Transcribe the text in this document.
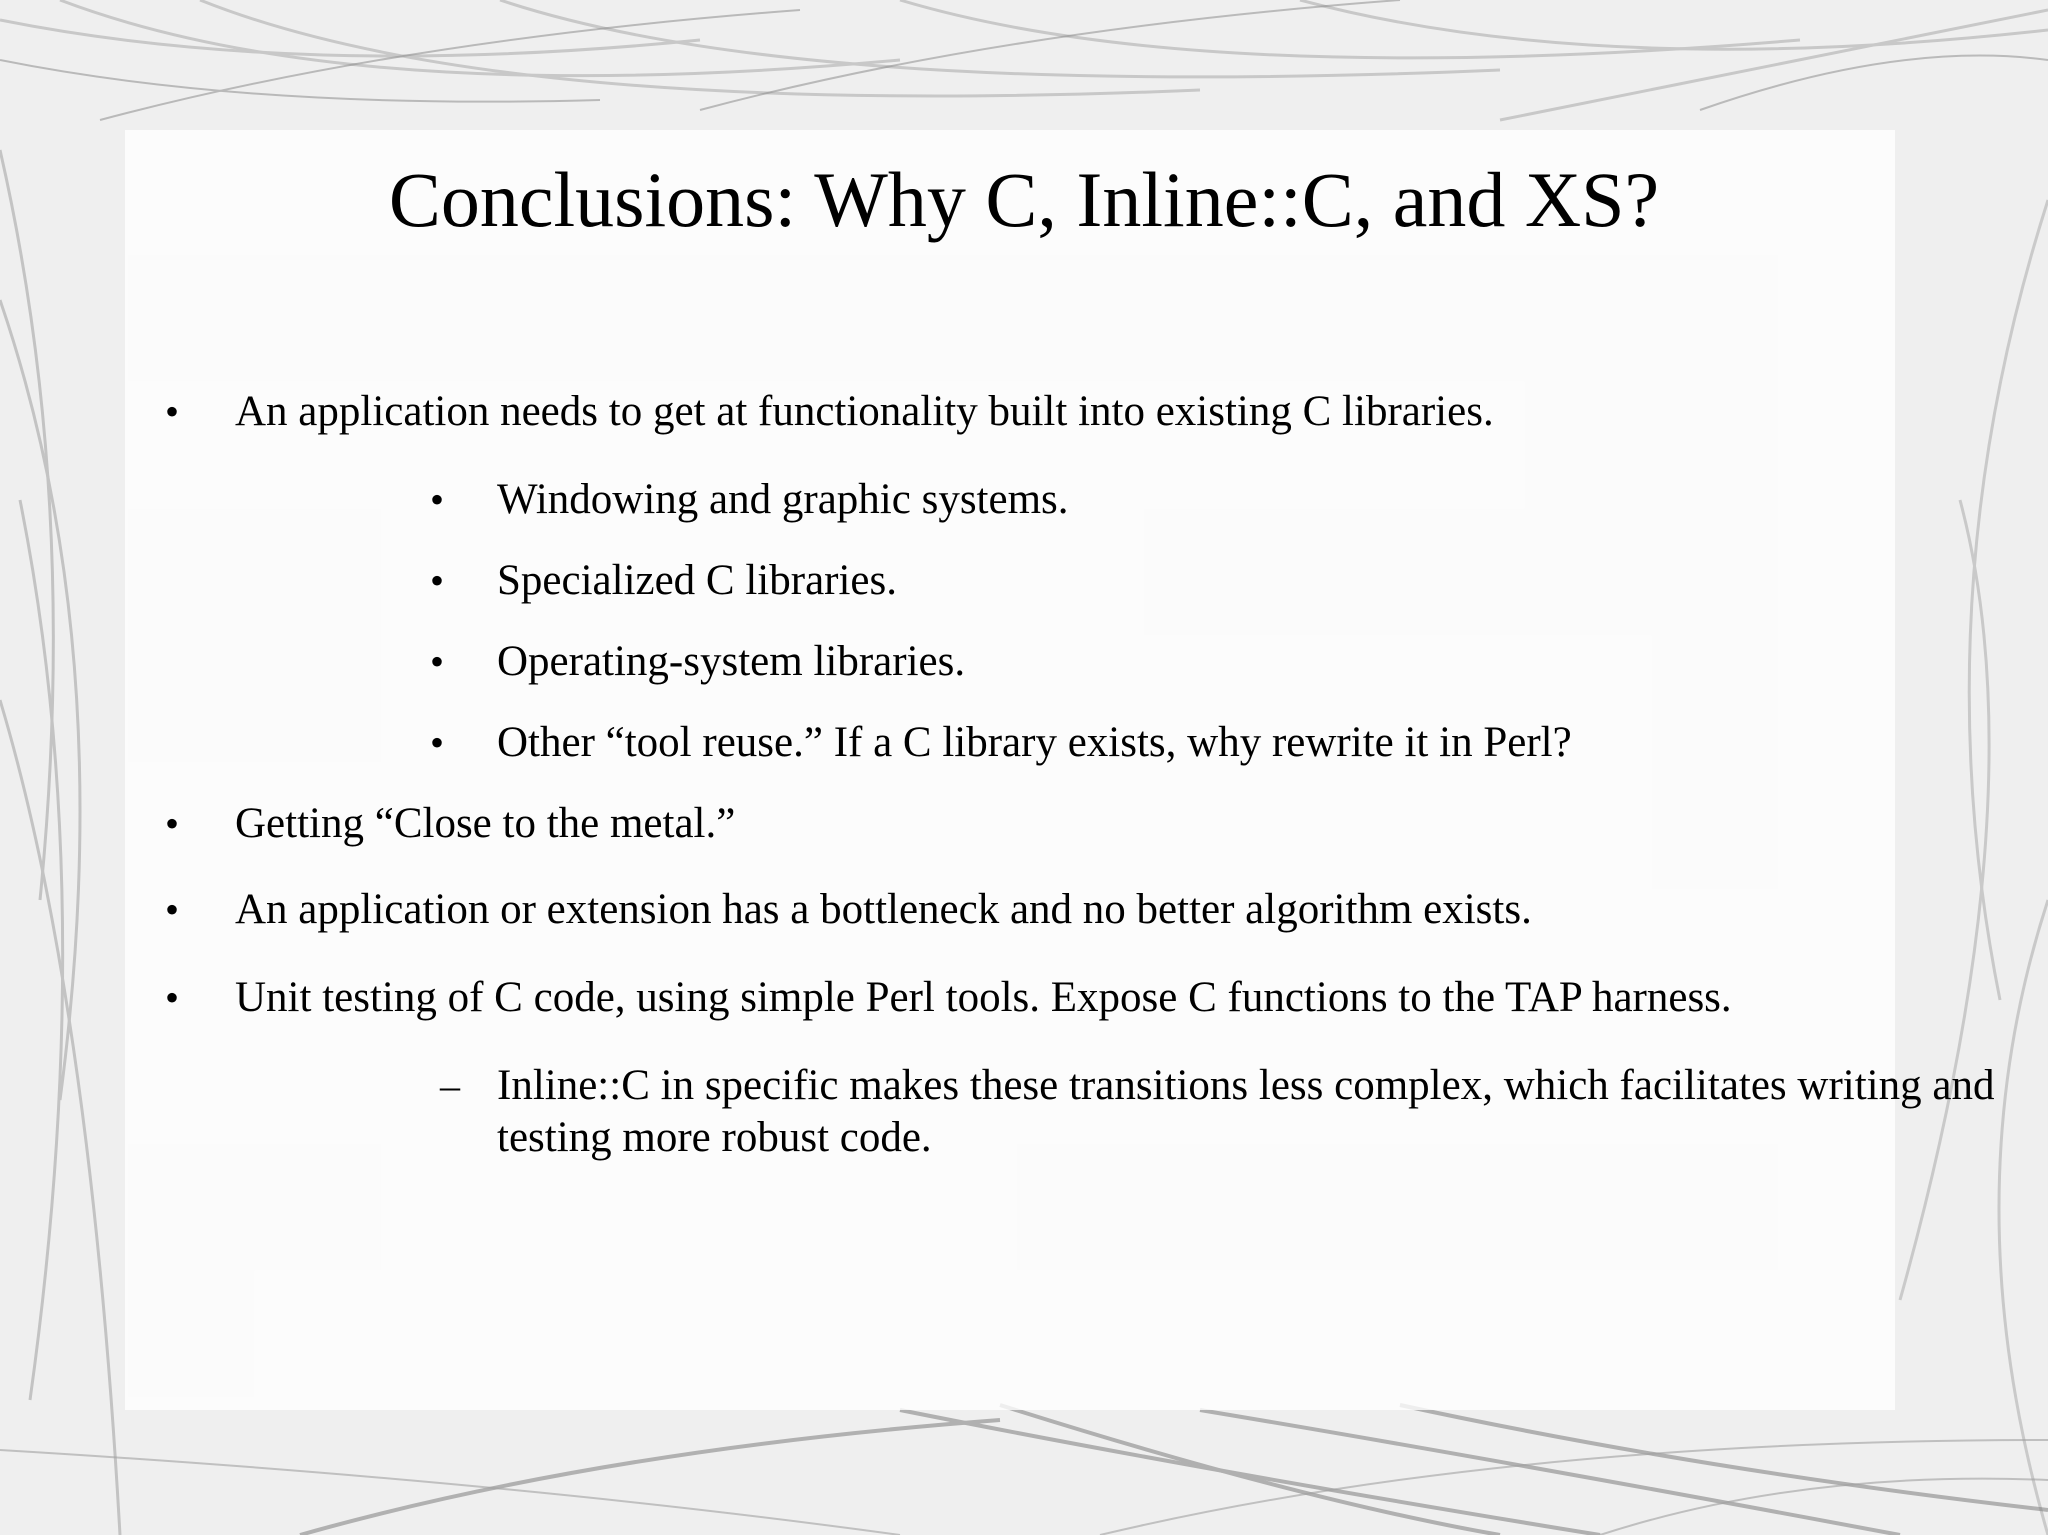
Conclusions: Why C, Inline::C, and XS?
• An application needs to get at functionality built into existing C libraries.
• Windowing and graphic systems.
• Specialized C libraries.
• Operating-system libraries.
• Other “tool reuse.” If a C library exists, why rewrite it in Perl?
• Getting “Close to the metal.”
• An application or extension has a bottleneck and no better algorithm exists.
• Unit testing of C code, using simple Perl tools. Expose C functions to the TAP harness.
– Inline::C in specific makes these transitions less complex, which facilitates writing and testing more robust code.
